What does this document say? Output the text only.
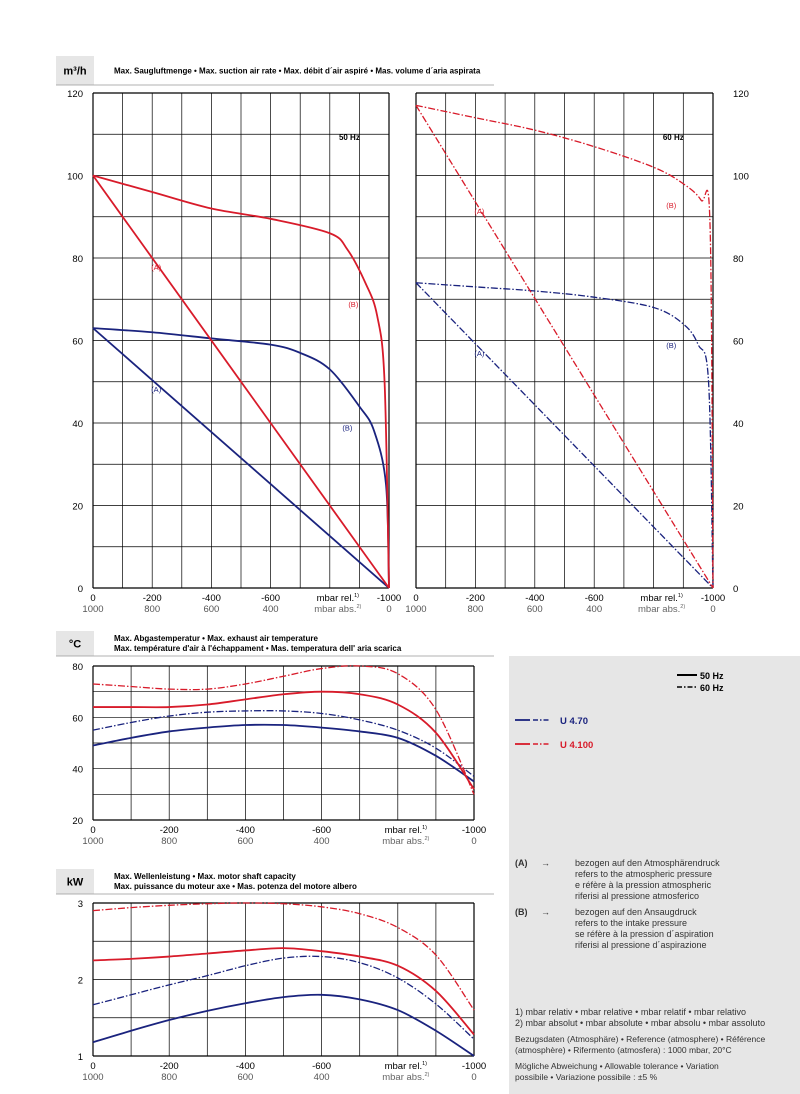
m³/h	Max. Saugluftmenge • Max. suction air rate • Max. débit d´air aspiré • Mas. volume d´aria aspirata
0
20
40
60
80
100
120
0	-200	-400	-600	-1000
1000	800	600	400	0
mbar rel.$^{1)}$
mbar abs.$^{2)}$
50 Hz
(A)
(B)
(A)
(B)
0
20
40
60
80
100
120
0	-200	-400	-600	-1000
1000	800	600	400	0
mbar rel.$^{1)}$
mbar abs.$^{2)}$
60 Hz
(A)
(B)
(A)
(B)
°C	Max. Abgastemperatur • Max. exhaust air temperature
Max. température d'air à l'échappament • Mas. temperatura dell' aria scarica
20
40
60
80
0	-200	-400	-600	-1000
1000	800	600	400	0
mbar rel.$^{1)}$
mbar abs.$^{2)}$
kW	Max. Wellenleistung • Max. motor shaft capacity
Max. puissance du moteur axe • Mas. potenza del motore albero
1
2
3
0	-200	-400	-600	-1000
1000	800	600	400	0
mbar rel.$^{1)}$
mbar abs.$^{2)}$
50 Hz
60 Hz
U 4.70
U 4.100
(A)	→	bezogen auf den Atmosphärendruck
refers to the atmospheric pressure
e réfère à la pression atmospheric
riferisi al pressione atmosferico
(B)	→	bezogen auf den Ansaugdruck
refers to the intake pressure
se réfère à la pression d´aspiration
riferisi al pressione d´aspirazione
1) mbar relativ • mbar relative • mbar relatif • mbar relativo
2) mbar absolut • mbar absolute • mbar absolu • mbar assoluto
Bezugsdaten (Atmosphäre) • Reference (atmosphere) • Référence
(atmosphère) • Rifermento (atmosfera) : 1000 mbar, 20°C
Mögliche Abweichung • Allowable tolerance • Variation
possibile • Variazione possibile : ±5 %
